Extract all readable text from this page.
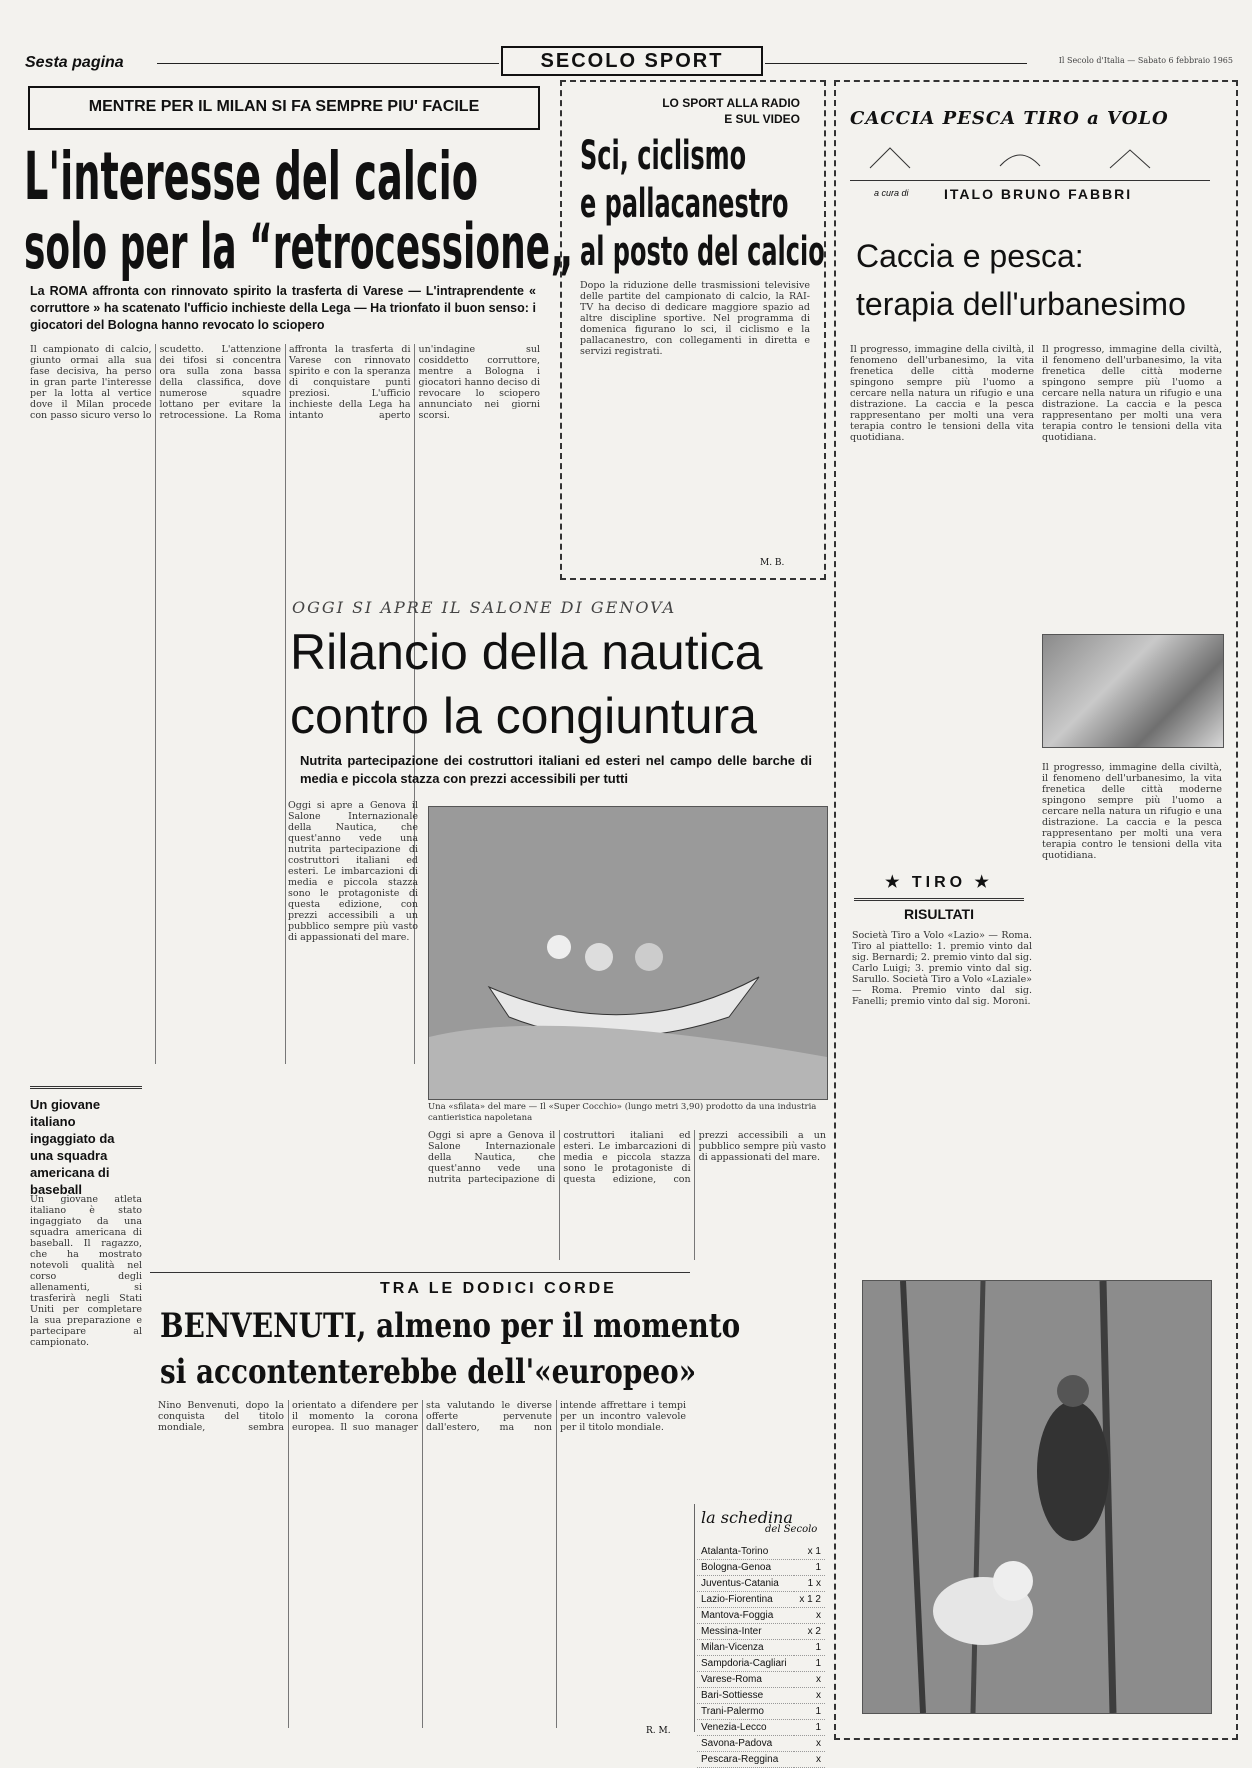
Sesta pagina	SECOLO SPORT	Il Secolo d'Italia — Sabato 6 febbraio 1965
MENTRE PER IL MILAN SI FA SEMPRE PIU' FACILE
L'interesse del calcio
solo per la “retrocessione„
La ROMA affronta con rinnovato spirito la trasferta di Varese — L'intraprendente « corruttore » ha scatenato l'ufficio inchieste della Lega — Ha trionfato il buon senso: i giocatori del Bologna hanno revocato lo sciopero
Il campionato di calcio, giunto ormai alla sua fase decisiva, ha perso in gran parte l'interesse per la lotta al vertice dove il Milan procede con passo sicuro verso lo scudetto. L'attenzione dei tifosi si concentra ora sulla zona bassa della classifica, dove numerose squadre lottano per evitare la retrocessione. La Roma affronta la trasferta di Varese con rinnovato spirito e con la speranza di conquistare punti preziosi. L'ufficio inchieste della Lega ha intanto aperto un'indagine sul cosiddetto corruttore, mentre a Bologna i giocatori hanno deciso di revocare lo sciopero annunciato nei giorni scorsi.
LO SPORT ALLA RADIO
E SUL VIDEO
Sci, ciclismo
e pallacanestro
al posto del calcio
Dopo la riduzione delle trasmissioni televisive delle partite del campionato di calcio, la RAI-TV ha deciso di dedicare maggiore spazio ad altre discipline sportive. Nel programma di domenica figurano lo sci, il ciclismo e la pallacanestro, con collegamenti in diretta e servizi registrati.
M. B.
OGGI SI APRE IL SALONE DI GENOVA
Rilancio della nautica
contro la congiuntura
Nutrita partecipazione dei costruttori italiani ed esteri nel campo delle barche di media e piccola stazza con prezzi accessibili per tutti
Oggi si apre a Genova il Salone Internazionale della Nautica, che quest'anno vede una nutrita partecipazione di costruttori italiani ed esteri. Le imbarcazioni di media e piccola stazza sono le protagoniste di questa edizione, con prezzi accessibili a un pubblico sempre più vasto di appassionati del mare.
Una «sfilata» del mare — Il «Super Cocchio» (lungo metri 3,90) prodotto da una industria cantieristica napoletana
Oggi si apre a Genova il Salone Internazionale della Nautica, che quest'anno vede una nutrita partecipazione di costruttori italiani ed esteri. Le imbarcazioni di media e piccola stazza sono le protagoniste di questa edizione, con prezzi accessibili a un pubblico sempre più vasto di appassionati del mare.
Un giovane italiano ingaggiato da una squadra americana di baseball
Un giovane atleta italiano è stato ingaggiato da una squadra americana di baseball. Il ragazzo, che ha mostrato notevoli qualità nel corso degli allenamenti, si trasferirà negli Stati Uniti per completare la sua preparazione e partecipare al campionato.
TRA LE DODICI CORDE
BENVENUTI, almeno per il momento
si accontenterebbe dell'«europeo»
Nino Benvenuti, dopo la conquista del titolo mondiale, sembra orientato a difendere per il momento la corona europea. Il suo manager sta valutando le diverse offerte pervenute dall'estero, ma non intende affrettare i tempi per un incontro valevole per il titolo mondiale.
R. M.
la schedina
del Secolo
Atalanta-Torino	x 1
Bologna-Genoa	1
Juventus-Catania	1 x
Lazio-Fiorentina	x 1 2
Mantova-Foggia	x
Messina-Inter	x 2
Milan-Vicenza	1
Sampdoria-Cagliari	1
Varese-Roma	x
Bari-Sottiesse	x
Trani-Palermo	1
Venezia-Lecco	1
Savona-Padova	x
Pescara-Reggina	x
CACCIA PESCA TIRO a VOLO
a cura di	ITALO BRUNO FABBRI
Caccia e pesca:
terapia dell'urbanesimo
Il progresso, immagine della civiltà, il fenomeno dell'urbanesimo, la vita frenetica delle città moderne spingono sempre più l'uomo a cercare nella natura un rifugio e una distrazione. La caccia e la pesca rappresentano per molti una vera terapia contro le tensioni della vita quotidiana.
Il progresso, immagine della civiltà, il fenomeno dell'urbanesimo, la vita frenetica delle città moderne spingono sempre più l'uomo a cercare nella natura un rifugio e una distrazione. La caccia e la pesca rappresentano per molti una vera terapia contro le tensioni della vita quotidiana.
Il progresso, immagine della civiltà, il fenomeno dell'urbanesimo, la vita frenetica delle città moderne spingono sempre più l'uomo a cercare nella natura un rifugio e una distrazione. La caccia e la pesca rappresentano per molti una vera terapia contro le tensioni della vita quotidiana.
★ TIRO ★
RISULTATI
Società Tiro a Volo «Lazio» — Roma. Tiro al piattello: 1. premio vinto dal sig. Bernardi; 2. premio vinto dal sig. Carlo Luigi; 3. premio vinto dal sig. Sarullo. Società Tiro a Volo «Laziale» — Roma. Premio vinto dal sig. Fanelli; premio vinto dal sig. Moroni.
